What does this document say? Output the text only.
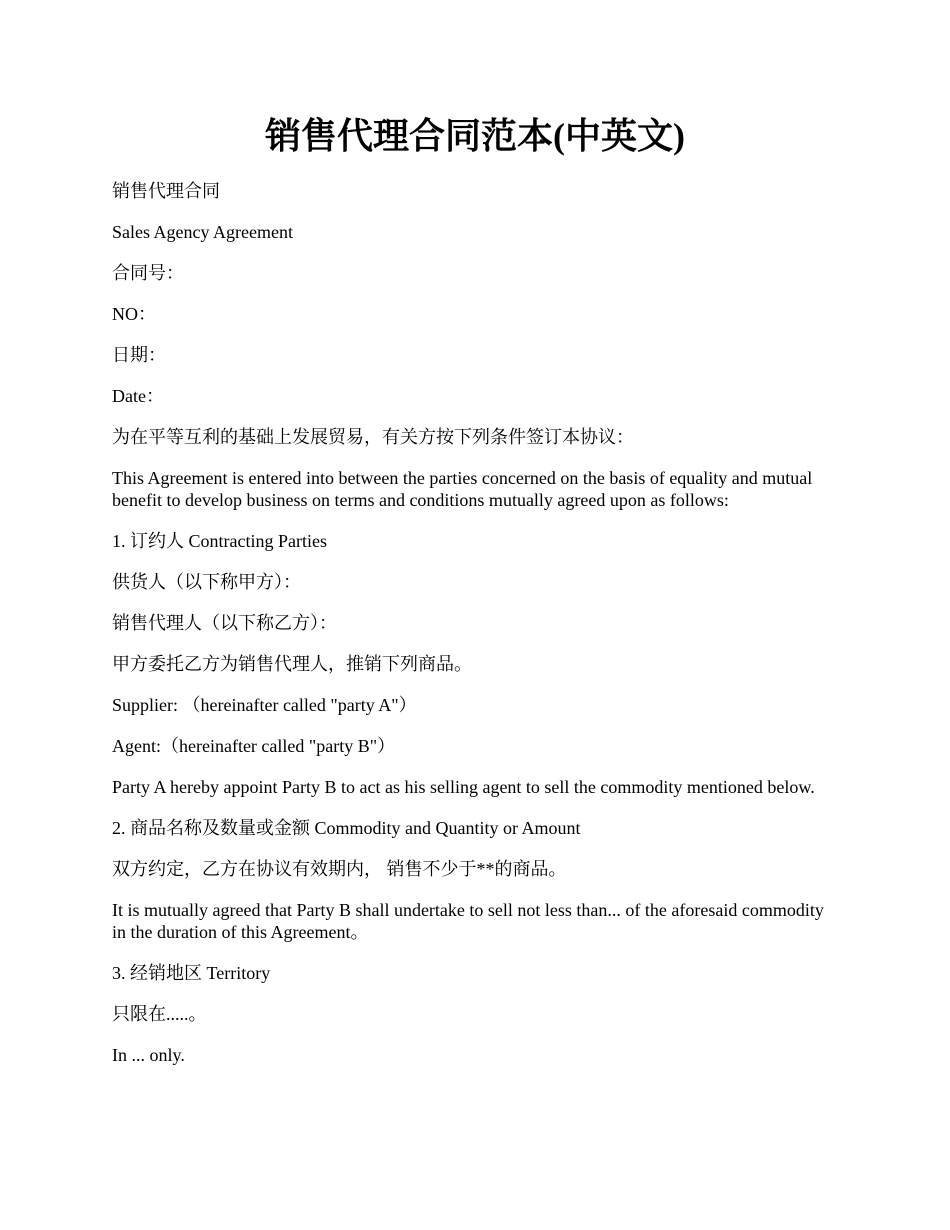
销售代理合同范本(中英文)

销售代理合同

Sales Agency Agreement

合同号：

NO：

日期：

Date：

为在平等互利的基础上发展贸易，有关方按下列条件签订本协议：

This Agreement is entered into between the parties concerned on the basis of equality and mutual benefit to develop business on terms and conditions mutually agreed upon as follows:

1. 订约人 Contracting Parties

供货人（以下称甲方）：

销售代理人（以下称乙方）：

甲方委托乙方为销售代理人，推销下列商品。

Supplier: （hereinafter called "party A"）

Agent:（hereinafter called "party B"）

Party A hereby appoint Party B to act as his selling agent to sell the commodity mentioned below.

2. 商品名称及数量或金额 Commodity and Quantity or Amount

双方约定，乙方在协议有效期内， 销售不少于**的商品。

It is mutually agreed that Party B shall undertake to sell not less than... of the aforesaid commodity in the duration of this Agreement。

3. 经销地区 Territory

只限在.....。

In ... only.
